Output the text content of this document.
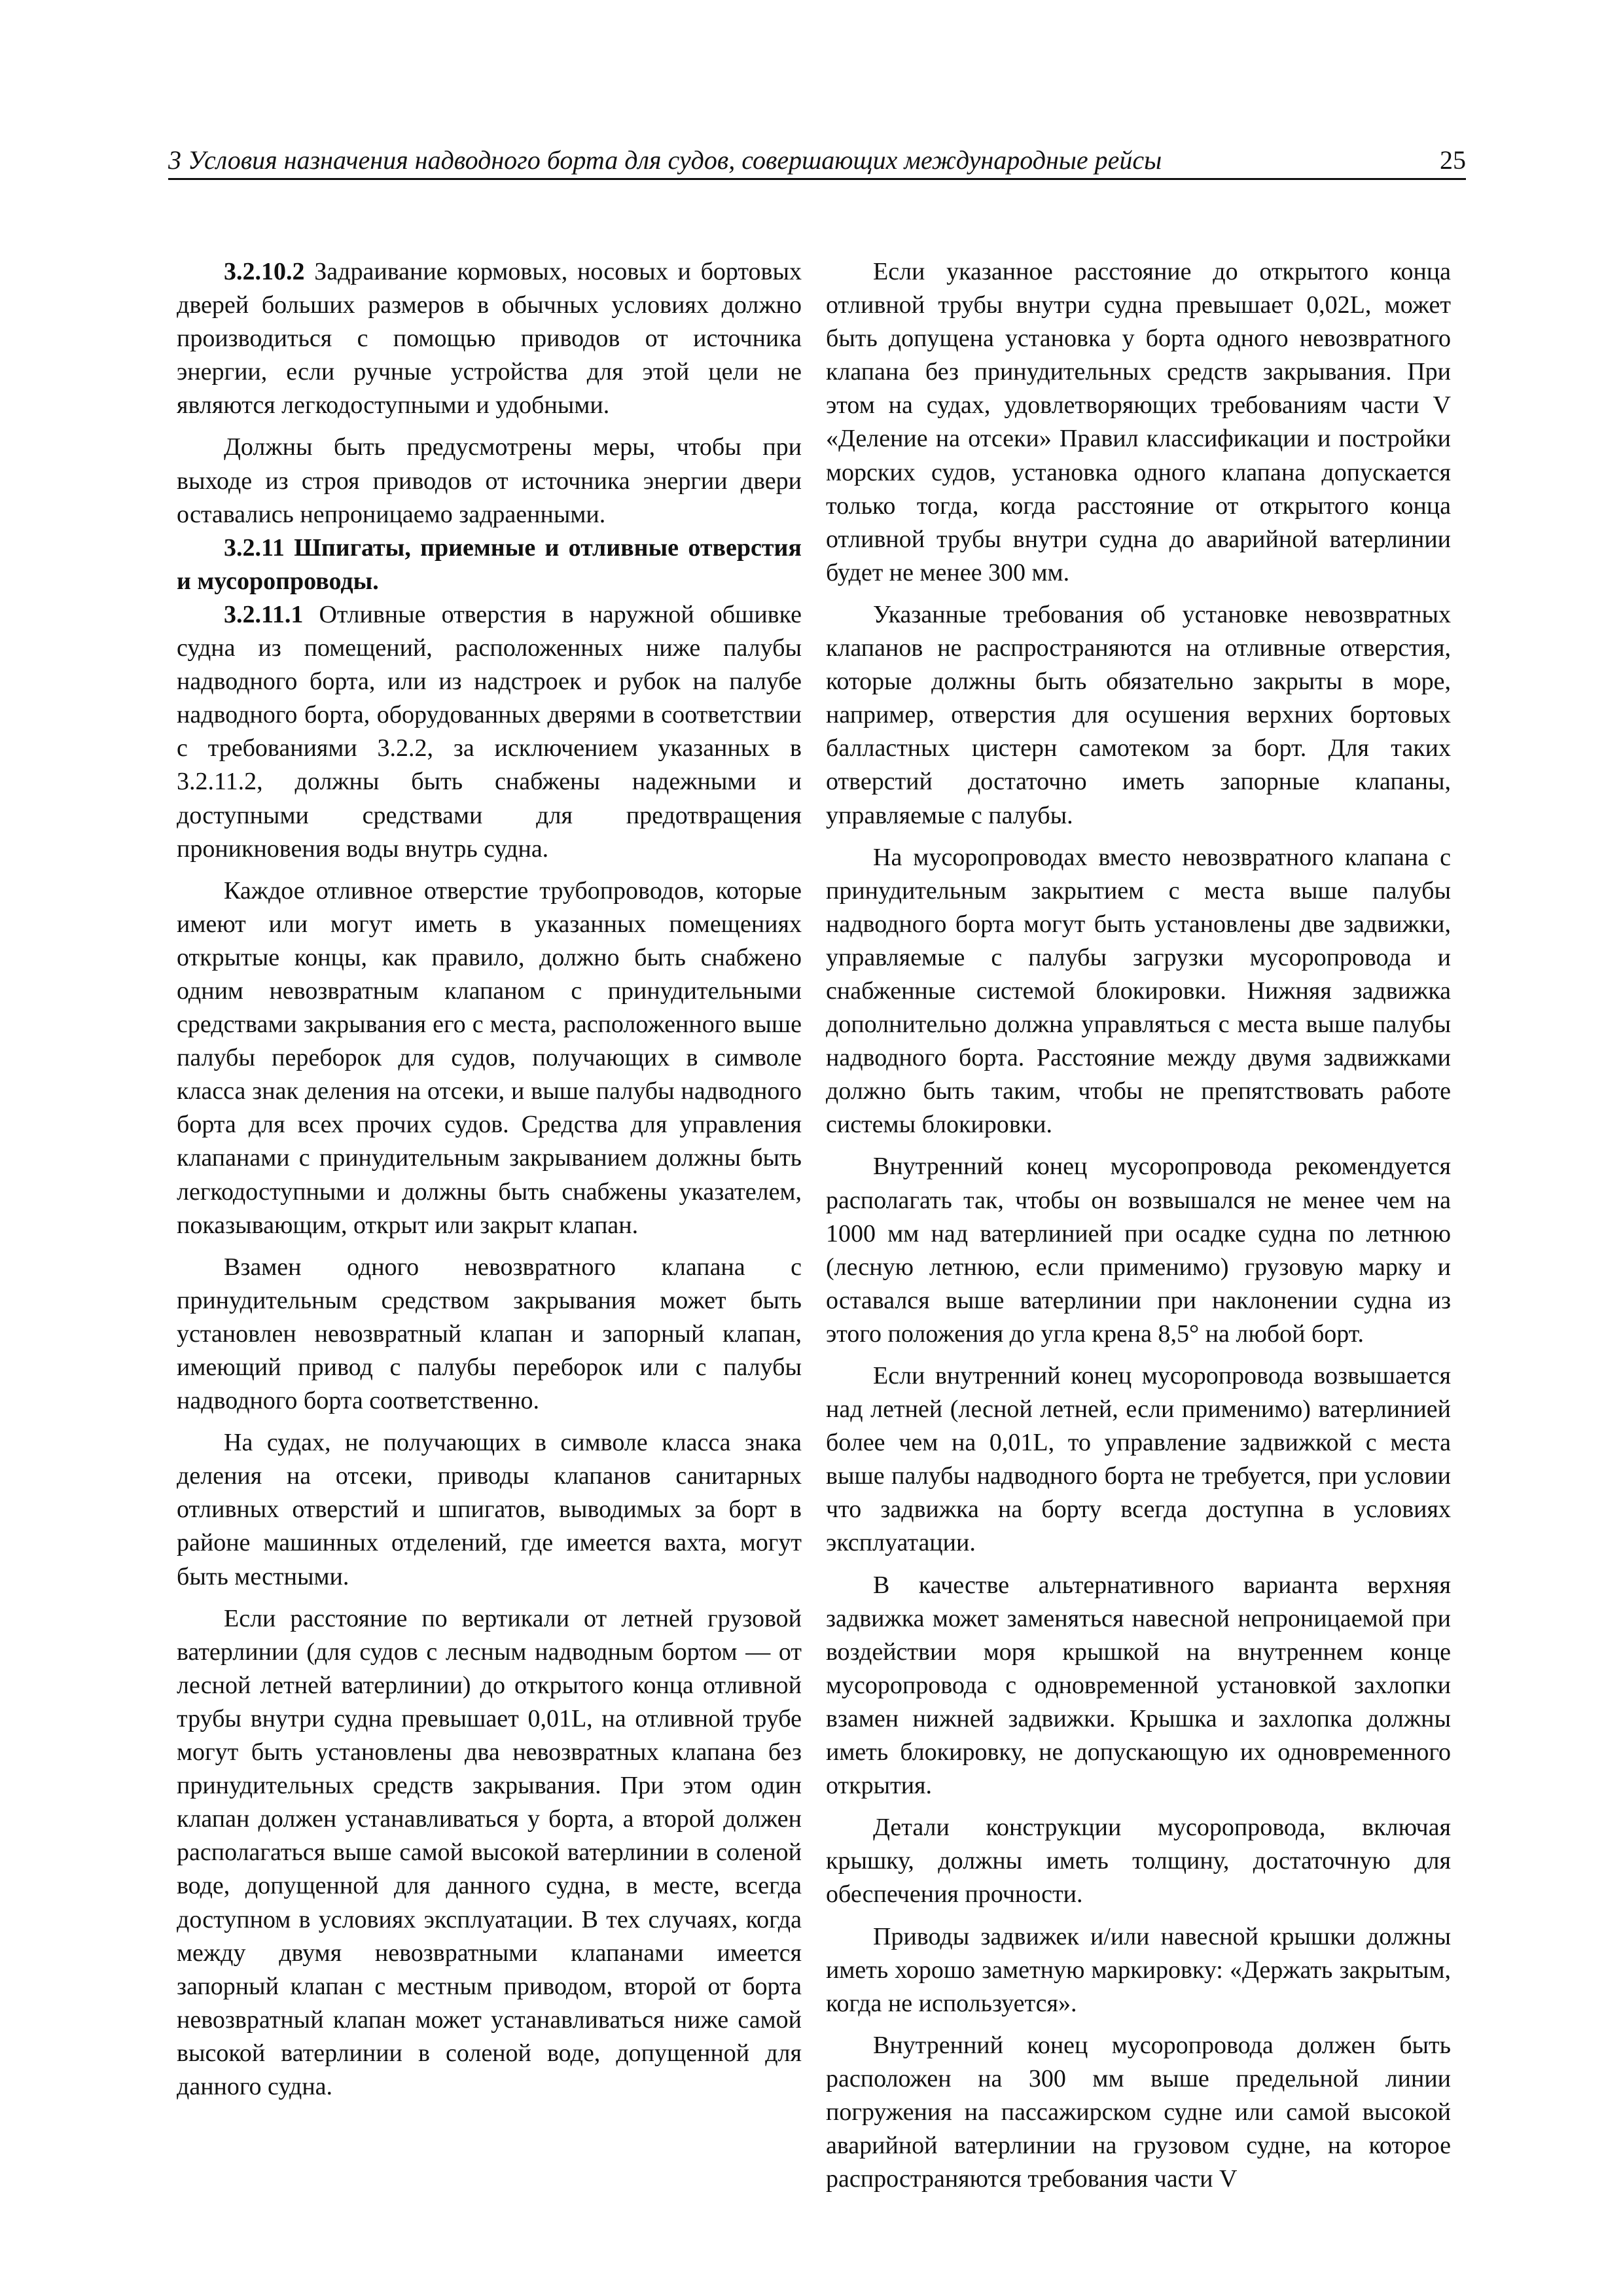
3 Условия назначения надводного борта для судов, совершающих международные рейсы	25

3.2.10.2 Задраивание кормовых, носовых и бортовых дверей больших размеров в обычных условиях должно производиться с помощью приводов от источника энергии, если ручные устройства для этой цели не являются легкодоступными и удобными.

Должны быть предусмотрены меры, чтобы при выходе из строя приводов от источника энергии двери оставались непроницаемо задраенными.

3.2.11 Шпигаты, приемные и отливные отверстия и мусоропроводы.

3.2.11.1 Отливные отверстия в наружной обшивке судна из помещений, расположенных ниже палубы надводного борта, или из надстроек и рубок на палубе надводного борта, оборудованных дверями в соответствии с требованиями 3.2.2, за исключением указанных в 3.2.11.2, должны быть снабжены надежными и доступными средствами для предотвращения проникновения воды внутрь судна.

Каждое отливное отверстие трубопроводов, которые имеют или могут иметь в указанных помещениях открытые концы, как правило, должно быть снабжено одним невозвратным клапаном с принудительными средствами закрывания его с места, расположенного выше палубы переборок для судов, получающих в символе класса знак деления на отсеки, и выше палубы надводного борта для всех прочих судов. Средства для управления клапанами с принудительным закрыванием должны быть легкодоступными и должны быть снабжены указателем, показывающим, открыт или закрыт клапан.

Взамен одного невозвратного клапана с принудительным средством закрывания может быть установлен невозвратный клапан и запорный клапан, имеющий привод с палубы переборок или с палубы надводного борта соответственно.

На судах, не получающих в символе класса знака деления на отсеки, приводы клапанов санитарных отливных отверстий и шпигатов, выводимых за борт в районе машинных отделений, где имеется вахта, могут быть местными.

Если расстояние по вертикали от летней грузовой ватерлинии (для судов с лесным надводным бортом — от лесной летней ватерлинии) до открытого конца отливной трубы внутри судна превышает 0,01L, на отливной трубе могут быть установлены два невозвратных клапана без принудительных средств закрывания. При этом один клапан должен устанавливаться у борта, а второй должен располагаться выше самой высокой ватерлинии в соленой воде, допущенной для данного судна, в месте, всегда доступном в условиях эксплуатации. В тех случаях, когда между двумя невозвратными клапанами имеется запорный клапан с местным приводом, второй от борта невозвратный клапан может устанавливаться ниже самой высокой ватерлинии в соленой воде, допущенной для данного судна.

Если указанное расстояние до открытого конца отливной трубы внутри судна превышает 0,02L, может быть допущена установка у борта одного невозвратного клапана без принудительных средств закрывания. При этом на судах, удовлетворяющих требованиям части V «Деление на отсеки» Правил классификации и постройки морских судов, установка одного клапана допускается только тогда, когда расстояние от открытого конца отливной трубы внутри судна до аварийной ватерлинии будет не менее 300 мм.

Указанные требования об установке невозвратных клапанов не распространяются на отливные отверстия, которые должны быть обязательно закрыты в море, например, отверстия для осушения верхних бортовых балластных цистерн самотеком за борт. Для таких отверстий достаточно иметь запорные клапаны, управляемые с палубы.

На мусоропроводах вместо невозвратного клапана с принудительным закрытием с места выше палубы надводного борта могут быть установлены две задвижки, управляемые с палубы загрузки мусоропровода и снабженные системой блокировки. Нижняя задвижка дополнительно должна управляться с места выше палубы надводного борта. Расстояние между двумя задвижками должно быть таким, чтобы не препятствовать работе системы блокировки.

Внутренний конец мусоропровода рекомендуется располагать так, чтобы он возвышался не менее чем на 1000 мм над ватерлинией при осадке судна по летнюю (лесную летнюю, если применимо) грузовую марку и оставался выше ватерлинии при наклонении судна из этого положения до угла крена 8,5° на любой борт.

Если внутренний конец мусоропровода возвышается над летней (лесной летней, если применимо) ватерлинией более чем на 0,01L, то управление задвижкой с места выше палубы надводного борта не требуется, при условии что задвижка на борту всегда доступна в условиях эксплуатации.

В качестве альтернативного варианта верхняя задвижка может заменяться навесной непроницаемой при воздействии моря крышкой на внутреннем конце мусоропровода с одновременной установкой захлопки взамен нижней задвижки. Крышка и захлопка должны иметь блокировку, не допускающую их одновременного открытия.

Детали конструкции мусоропровода, включая крышку, должны иметь толщину, достаточную для обеспечения прочности.

Приводы задвижек и/или навесной крышки должны иметь хорошо заметную маркировку: «Держать закрытым, когда не используется».

Внутренний конец мусоропровода должен быть расположен на 300 мм выше предельной линии погружения на пассажирском судне или самой высокой аварийной ватерлинии на грузовом судне, на которое распространяются требования части V
